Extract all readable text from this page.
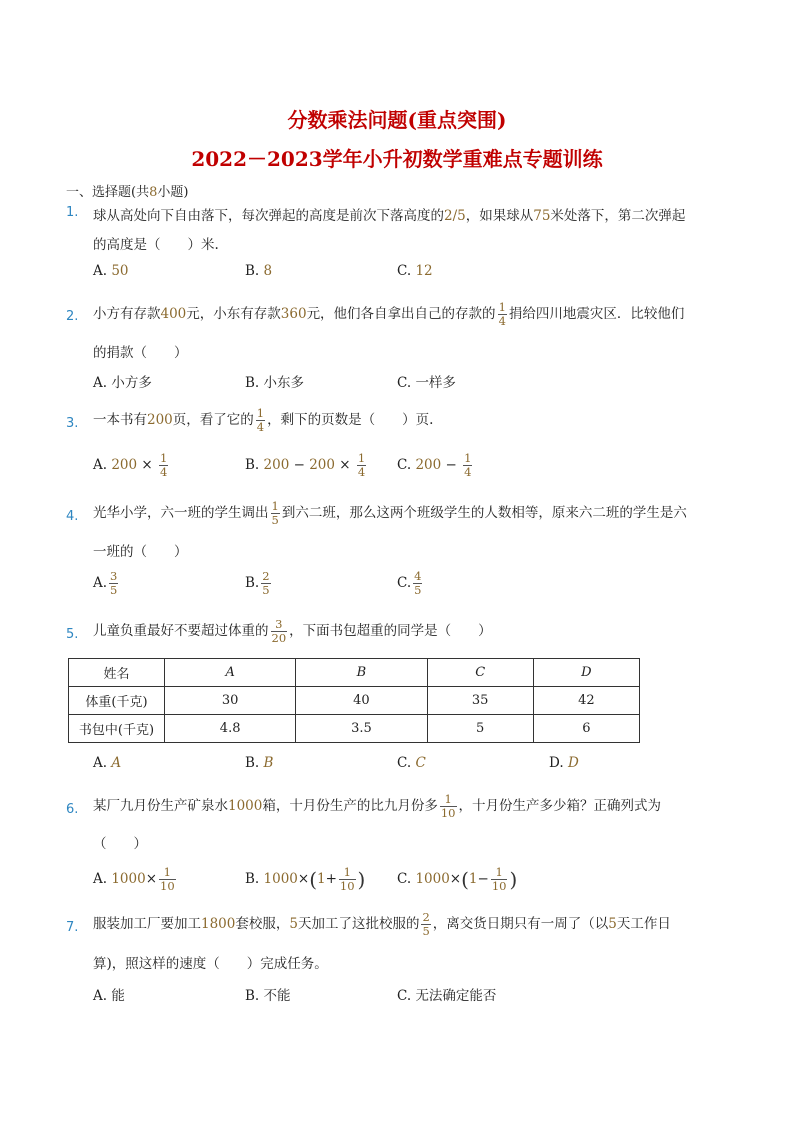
分数乘法问题(重点突围)
2022－2023学年小升初数学重难点专题训练
一、选择题(共8小题)
1. 球从高处向下自由落下，每次弹起的高度是前次下落高度的2/5，如果球从75米处落下，第二次弹起
的高度是（　　）米.
A. 50	B. 8	C. 12
2. 小方有存款400元，小东有存款360元，他们各自拿出自己的存款的 $\frac{1}{4}$ 捐给四川地震灾区．比较他们
的捐款（　　）
A. 小方多	B. 小东多	C. 一样多
3. 一本书有200页，看了它的 $\frac{1}{4}$ ，剩下的页数是（　　）页.
A. $200 \times \frac{1}{4}$	B. $200 - 200 \times \frac{1}{4} C$. $200 - \frac{1}{4}$
4. 光华小学，六一班的学生调出 $\frac{1}{5}$ 到六二班，那么这两个班级学生的人数相等，原来六二班的学生是六
一班的（　　）
A. $\frac{3}{5}$	B. $\frac{2}{5}$	C. $\frac{4}{5}$
5. 儿童负重最好不要超过体重的 $\frac{3}{20}$ ，下面书包超重的同学是（　　）
姓名	A	B	C	D
体重(千克)	30	40	35	42
书包中(千克)	4.8	3.5	5	6
A. A	B. B	C. C	D. D
6. 某厂九月份生产矿泉水1000箱，十月份生产的比九月份多 $\frac{1}{10}$ ，十月份生产多少箱？正确列式为
（　　）
A. $1000\times \frac{1}{10}$	B. $1000\times(1+ \frac{1}{10}$ ) C. $1000\times(1- \frac{1}{10}$ )
7. 服装加工厂要加工1800套校服，5天加工了这批校服的 $\frac{2}{5}$ ，离交货日期只有一周了（以5天工作日
算)，照这样的速度（　　）完成任务。
A. 能	B. 不能	C. 无法确定能否
